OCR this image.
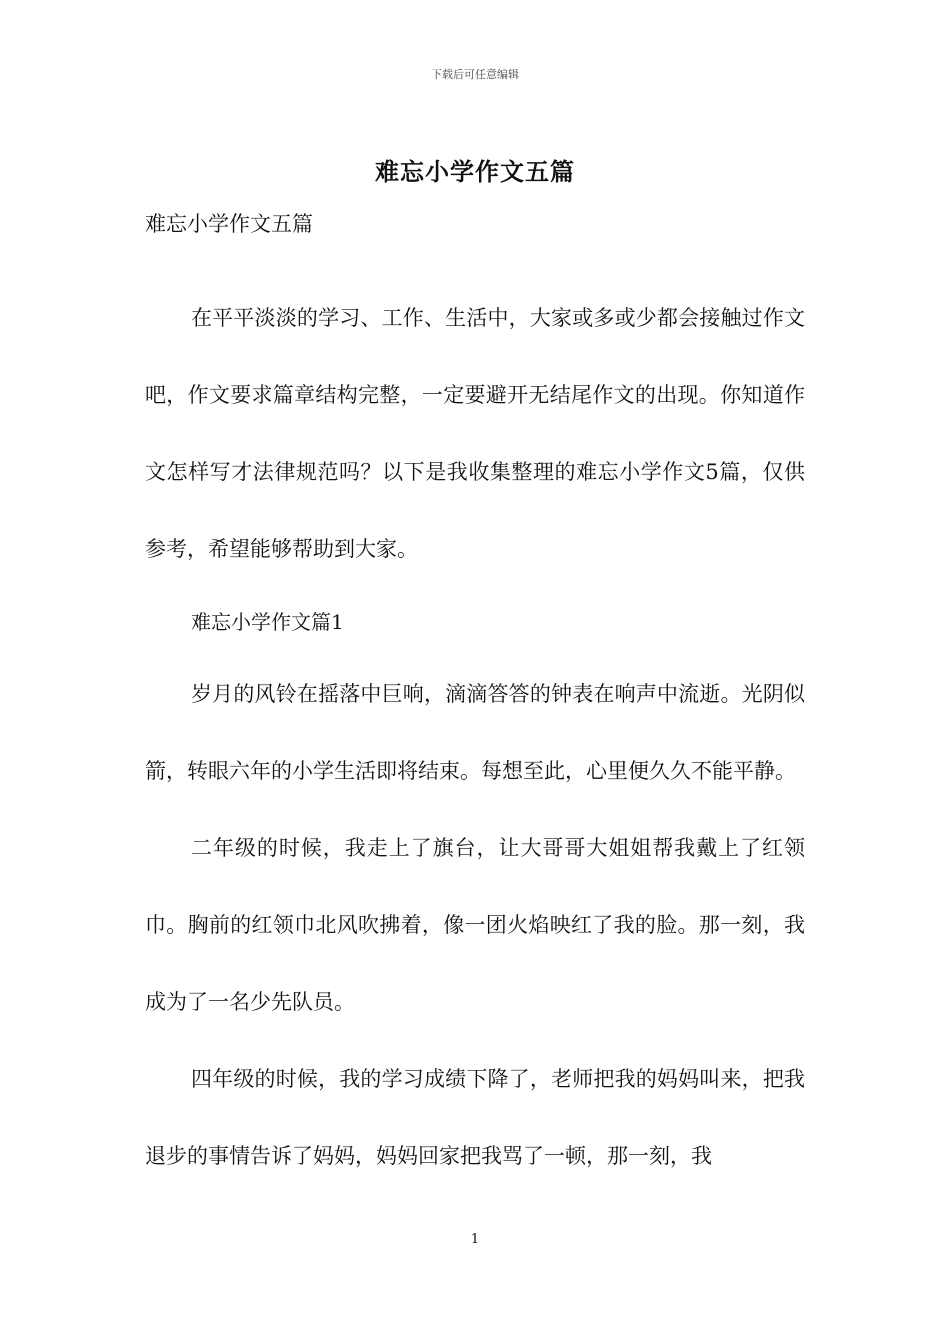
下载后可任意编辑
难忘小学作文五篇

难忘小学作文五篇

在平平淡淡的学习、工作、生活中，大家或多或少都会接触过作文吧，作文要求篇章结构完整，一定要避开无结尾作文的出现。你知道作文怎样写才法律规范吗？以下是我收集整理的难忘小学作文5篇，仅供参考，希望能够帮助到大家。

难忘小学作文篇1

岁月的风铃在摇落中巨响，滴滴答答的钟表在响声中流逝。光阴似箭，转眼六年的小学生活即将结束。每想至此，心里便久久不能平静。

二年级的时候，我走上了旗台，让大哥哥大姐姐帮我戴上了红领巾。胸前的红领巾北风吹拂着，像一团火焰映红了我的脸。那一刻，我成为了一名少先队员。

四年级的时候，我的学习成绩下降了，老师把我的妈妈叫来，把我退步的事情告诉了妈妈，妈妈回家把我骂了一顿，那一刻，我

1
